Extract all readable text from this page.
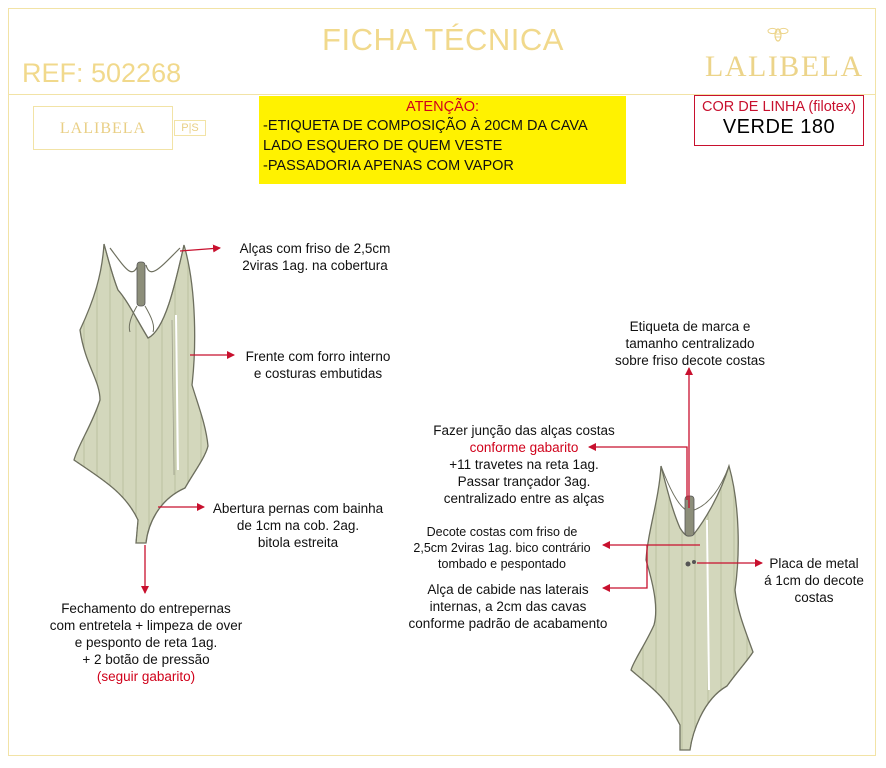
FICHA TÉCNICA
REF: 502268	LALIBELA
LALIBELA	P|S
ATENÇÃO:
-ETIQUETA DE COMPOSIÇÃO À 20CM DA CAVA
LADO ESQUERO DE QUEM VESTE
-PASSADORIA APENAS COM VAPOR
COR DE LINHA (filotex)
VERDE 180
Alças com friso de 2,5cm
2viras 1ag. na cobertura
Frente com forro interno
e costuras embutidas
Abertura pernas com bainha
de 1cm na cob. 2ag.
bitola estreita
Fechamento do entrepernas
com entretela + limpeza de over
e pesponto de reta 1ag.
+ 2 botão de pressão
(seguir gabarito)
Etiqueta de marca e
tamanho centralizado
sobre friso decote costas
Fazer junção das alças costas
conforme gabarito
+11 travetes na reta 1ag.
Passar trançador 3ag.
centralizado entre as alças
Decote costas com friso de
2,5cm 2viras 1ag. bico contrário
tombado e pespontado
Alça de cabide nas laterais
internas, a 2cm das cavas
conforme padrão de acabamento
Placa de metal
á 1cm do decote
costas
